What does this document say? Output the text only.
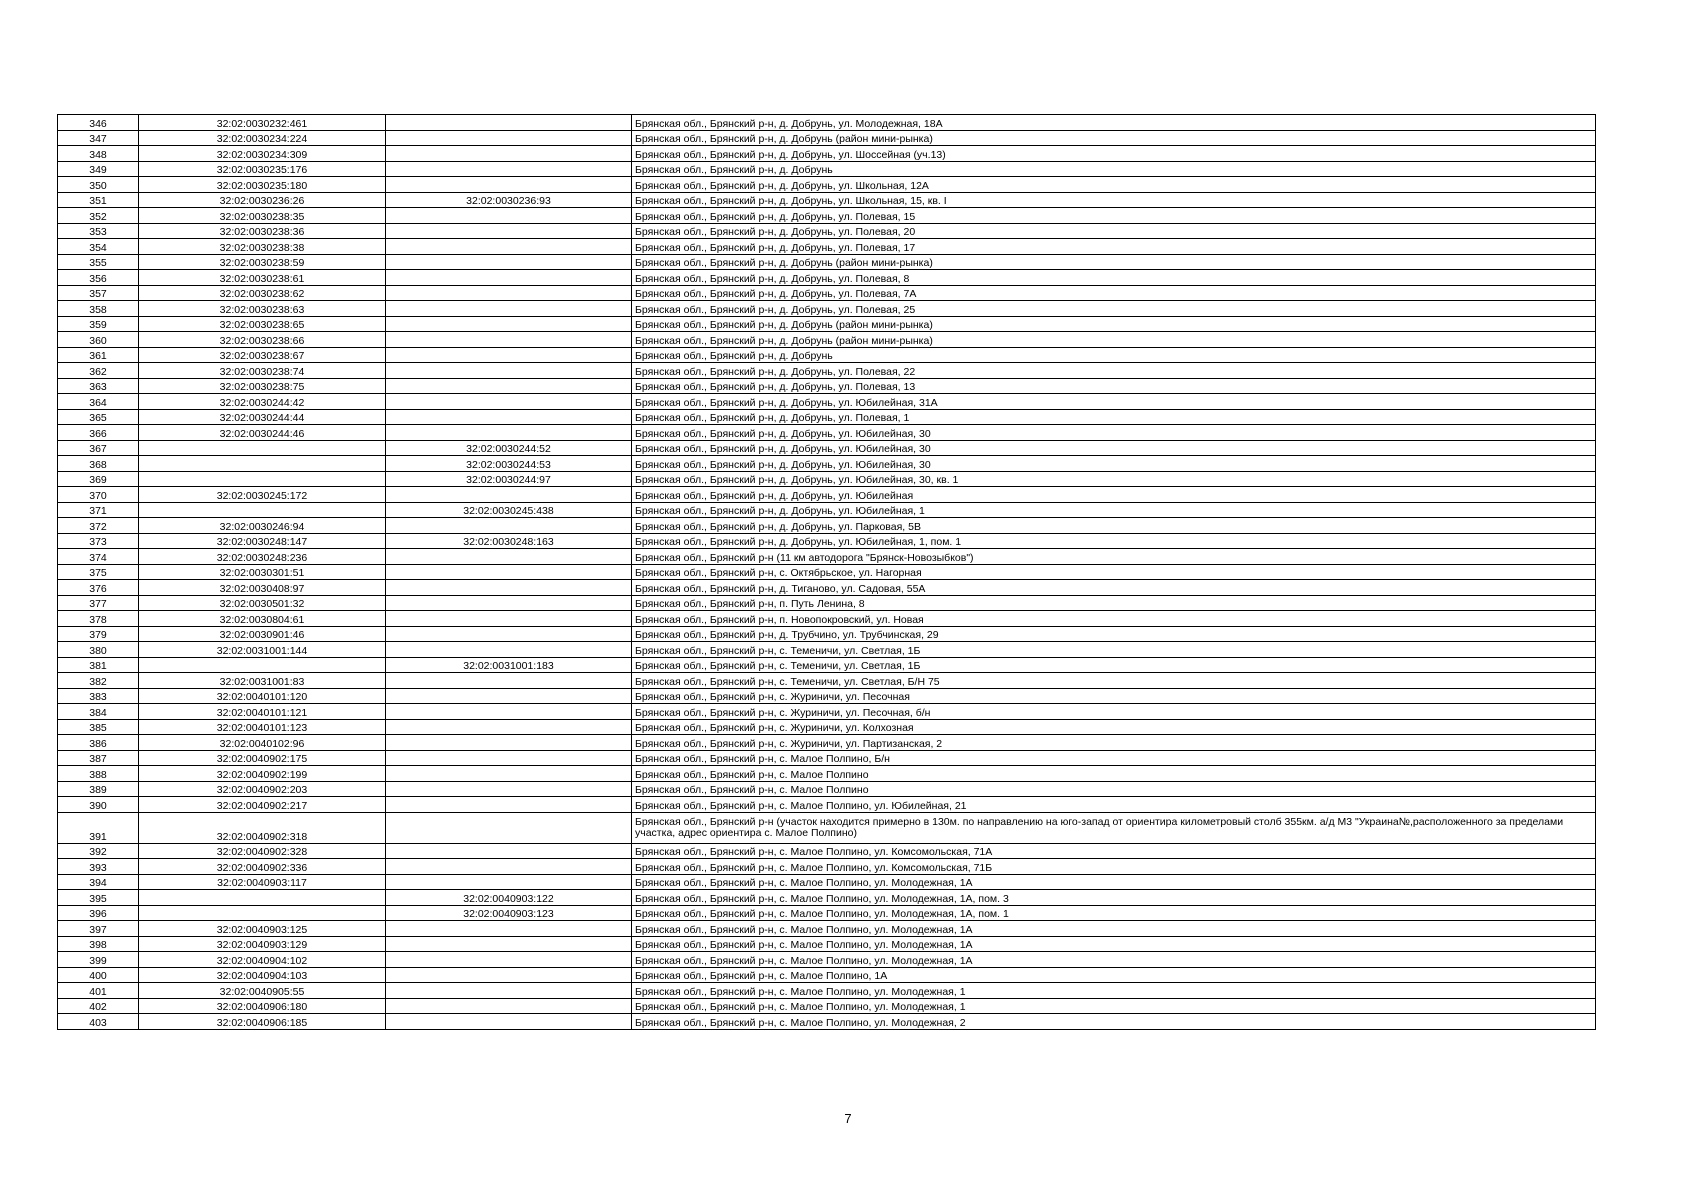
346	32:02:0030232:461		Брянская обл., Брянский р-н, д. Добрунь, ул. Молодежная, 18А
347	32:02:0030234:224		Брянская обл., Брянский р-н, д. Добрунь (район мини-рынка)
348	32:02:0030234:309		Брянская обл., Брянский р-н, д. Добрунь, ул. Шоссейная (уч.13)
349	32:02:0030235:176		Брянская обл., Брянский р-н, д. Добрунь
350	32:02:0030235:180		Брянская обл., Брянский р-н, д. Добрунь, ул. Школьная, 12А
351	32:02:0030236:26	32:02:0030236:93	Брянская обл., Брянский р-н, д. Добрунь, ул. Школьная, 15, кв. I
352	32:02:0030238:35		Брянская обл., Брянский р-н, д. Добрунь, ул. Полевая, 15
353	32:02:0030238:36		Брянская обл., Брянский р-н, д. Добрунь, ул. Полевая, 20
354	32:02:0030238:38		Брянская обл., Брянский р-н, д. Добрунь, ул. Полевая, 17
355	32:02:0030238:59		Брянская обл., Брянский р-н, д. Добрунь (район мини-рынка)
356	32:02:0030238:61		Брянская обл., Брянский р-н, д. Добрунь, ул. Полевая, 8
357	32:02:0030238:62		Брянская обл., Брянский р-н, д. Добрунь, ул. Полевая, 7А
358	32:02:0030238:63		Брянская обл., Брянский р-н, д. Добрунь, ул. Полевая, 25
359	32:02:0030238:65		Брянская обл., Брянский р-н, д. Добрунь (район мини-рынка)
360	32:02:0030238:66		Брянская обл., Брянский р-н, д. Добрунь (район мини-рынка)
361	32:02:0030238:67		Брянская обл., Брянский р-н, д. Добрунь
362	32:02:0030238:74		Брянская обл., Брянский р-н, д. Добрунь, ул. Полевая, 22
363	32:02:0030238:75		Брянская обл., Брянский р-н, д. Добрунь, ул. Полевая, 13
364	32:02:0030244:42		Брянская обл., Брянский р-н, д. Добрунь, ул. Юбилейная, 31А
365	32:02:0030244:44		Брянская обл., Брянский р-н, д. Добрунь, ул. Полевая, 1
366	32:02:0030244:46		Брянская обл., Брянский р-н, д. Добрунь, ул. Юбилейная, 30
367		32:02:0030244:52	Брянская обл., Брянский р-н, д. Добрунь, ул. Юбилейная, 30
368		32:02:0030244:53	Брянская обл., Брянский р-н, д. Добрунь, ул. Юбилейная, 30
369		32:02:0030244:97	Брянская обл., Брянский р-н, д. Добрунь, ул. Юбилейная, 30, кв. 1
370	32:02:0030245:172		Брянская обл., Брянский р-н, д. Добрунь, ул. Юбилейная
371		32:02:0030245:438	Брянская обл., Брянский р-н, д. Добрунь, ул. Юбилейная, 1
372	32:02:0030246:94		Брянская обл., Брянский р-н, д. Добрунь, ул. Парковая, 5В
373	32:02:0030248:147	32:02:0030248:163	Брянская обл., Брянский р-н, д. Добрунь, ул. Юбилейная, 1, пом. 1
374	32:02:0030248:236		Брянская обл., Брянский р-н (11 км автодорога "Брянск-Новозыбков")
375	32:02:0030301:51		Брянская обл., Брянский р-н, с. Октябрьское, ул. Нагорная
376	32:02:0030408:97		Брянская обл., Брянский р-н, д. Тиганово, ул. Садовая, 55А
377	32:02:0030501:32		Брянская обл., Брянский р-н, п. Путь Ленина, 8
378	32:02:0030804:61		Брянская обл., Брянский р-н, п. Новопокровский, ул. Новая
379	32:02:0030901:46		Брянская обл., Брянский р-н, д. Трубчино, ул. Трубчинская, 29
380	32:02:0031001:144		Брянская обл., Брянский р-н, с. Теменичи, ул. Светлая, 1Б
381		32:02:0031001:183	Брянская обл., Брянский р-н, с. Теменичи, ул. Светлая, 1Б
382	32:02:0031001:83		Брянская обл., Брянский р-н, с. Теменичи, ул. Светлая, Б/Н 75
383	32:02:0040101:120		Брянская обл., Брянский р-н, с. Журиничи, ул. Песочная
384	32:02:0040101:121		Брянская обл., Брянский р-н, с. Журиничи, ул. Песочная, б/н
385	32:02:0040101:123		Брянская обл., Брянский р-н, с. Журиничи, ул. Колхозная
386	32:02:0040102:96		Брянская обл., Брянский р-н, с. Журиничи, ул. Партизанская, 2
387	32:02:0040902:175		Брянская обл., Брянский р-н, с. Малое Полпино, Б/н
388	32:02:0040902:199		Брянская обл., Брянский р-н, с. Малое Полпино
389	32:02:0040902:203		Брянская обл., Брянский р-н, с. Малое Полпино
390	32:02:0040902:217		Брянская обл., Брянский р-н, с. Малое Полпино, ул. Юбилейная, 21
391	32:02:0040902:318		Брянская обл., Брянский р-н (участок находится примерно в 130м. по направлению на юго-запад от ориентира километровый столб 355км. а/д М3 "Украина№,расположенного за пределами участка, адрес ориентира с. Малое Полпино)
392	32:02:0040902:328		Брянская обл., Брянский р-н, с. Малое Полпино, ул. Комсомольская, 71А
393	32:02:0040902:336		Брянская обл., Брянский р-н, с. Малое Полпино, ул. Комсомольская, 71Б
394	32:02:0040903:117		Брянская обл., Брянский р-н, с. Малое Полпино, ул. Молодежная, 1А
395		32:02:0040903:122	Брянская обл., Брянский р-н, с. Малое Полпино, ул. Молодежная, 1А, пом. 3
396		32:02:0040903:123	Брянская обл., Брянский р-н, с. Малое Полпино, ул. Молодежная, 1А, пом. 1
397	32:02:0040903:125		Брянская обл., Брянский р-н, с. Малое Полпино, ул. Молодежная, 1А
398	32:02:0040903:129		Брянская обл., Брянский р-н, с. Малое Полпино, ул. Молодежная, 1А
399	32:02:0040904:102		Брянская обл., Брянский р-н, с. Малое Полпино, ул. Молодежная, 1А
400	32:02:0040904:103		Брянская обл., Брянский р-н, с. Малое Полпино, 1А
401	32:02:0040905:55		Брянская обл., Брянский р-н, с. Малое Полпино, ул. Молодежная, 1
402	32:02:0040906:180		Брянская обл., Брянский р-н, с. Малое Полпино, ул. Молодежная, 1
403	32:02:0040906:185		Брянская обл., Брянский р-н, с. Малое Полпино, ул. Молодежная, 2
7
